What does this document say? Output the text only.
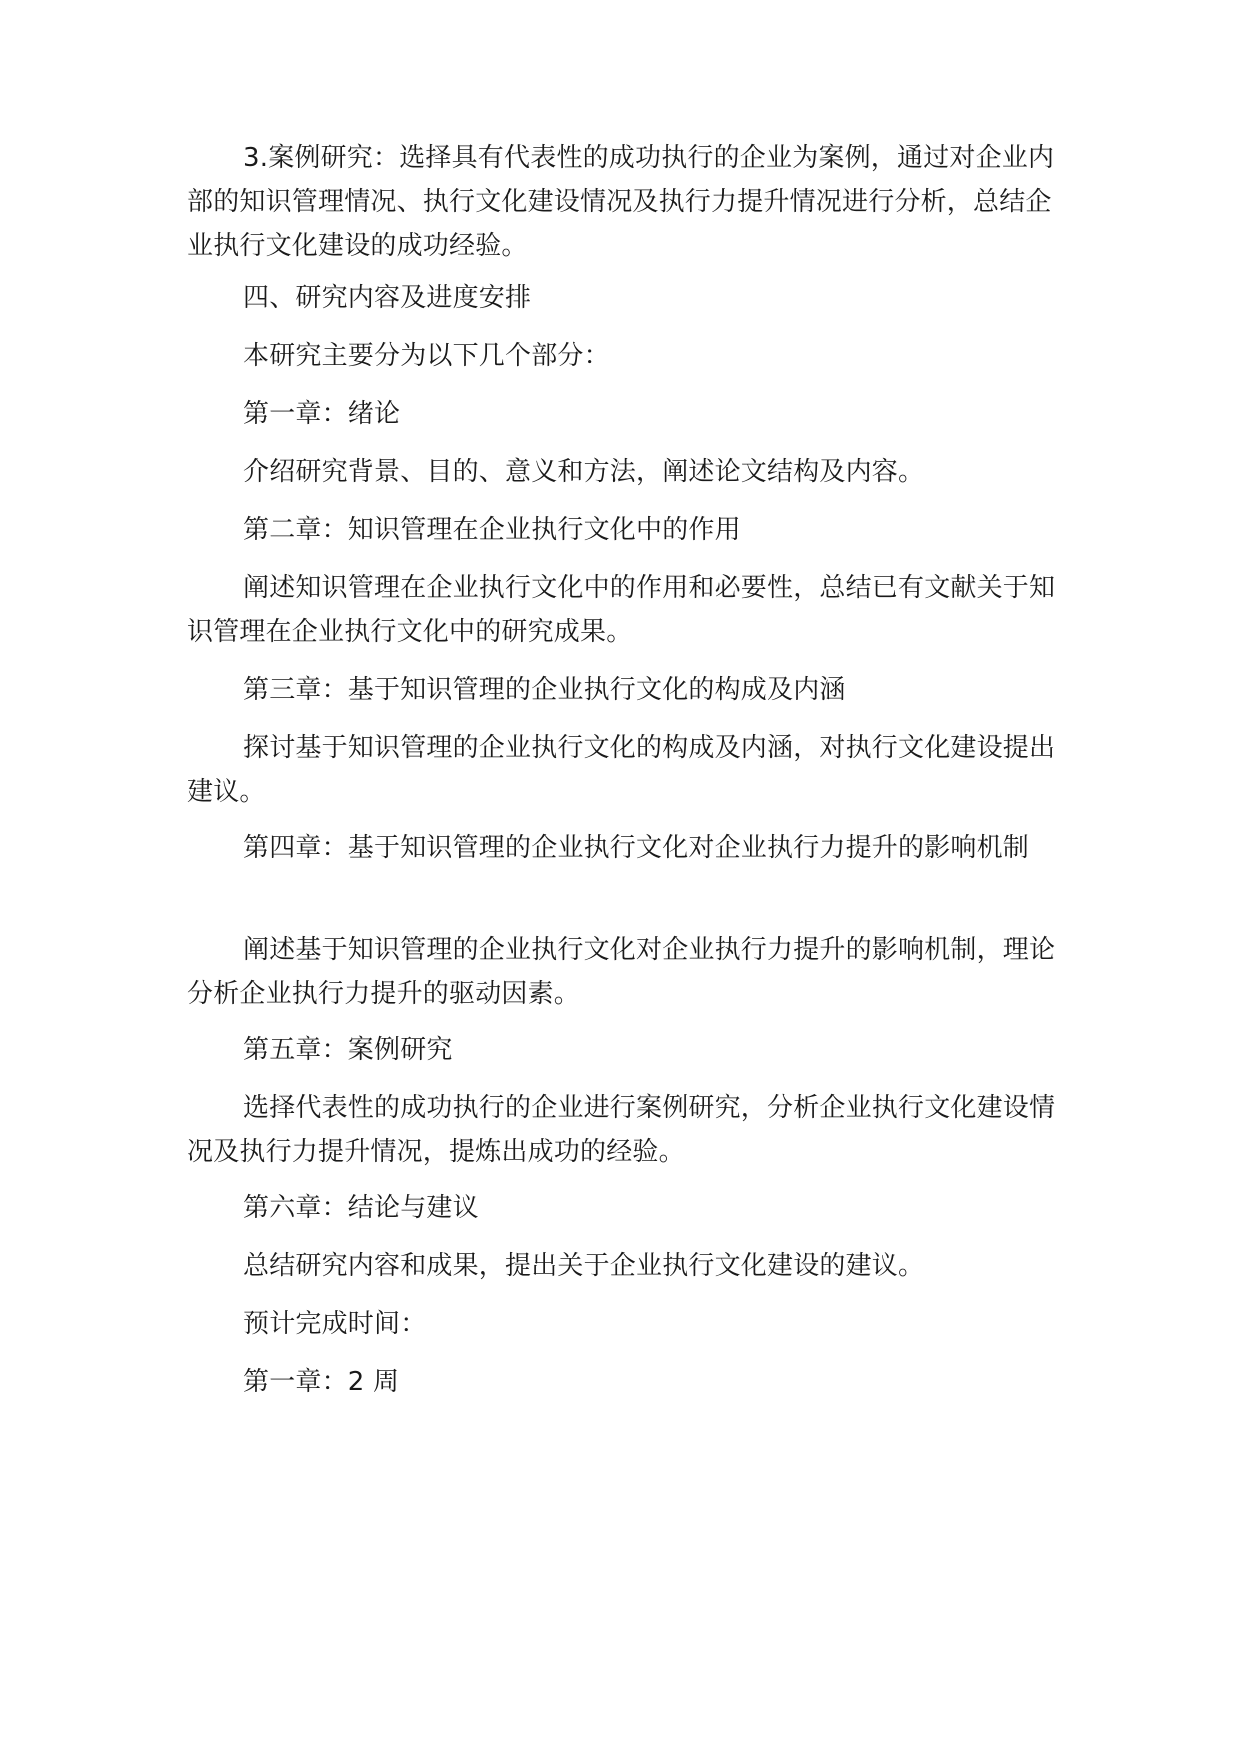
3.案例研究：选择具有代表性的成功执行的企业为案例，通过对企业内部的知识管理情况、执行文化建设情况及执行力提升情况进行分析，总结企业执行文化建设的成功经验。

四、研究内容及进度安排

本研究主要分为以下几个部分：

第一章：绪论

介绍研究背景、目的、意义和方法，阐述论文结构及内容。

第二章：知识管理在企业执行文化中的作用

阐述知识管理在企业执行文化中的作用和必要性，总结已有文献关于知识管理在企业执行文化中的研究成果。

第三章：基于知识管理的企业执行文化的构成及内涵

探讨基于知识管理的企业执行文化的构成及内涵，对执行文化建设提出建议。

第四章：基于知识管理的企业执行文化对企业执行力提升的影响机制

阐述基于知识管理的企业执行文化对企业执行力提升的影响机制，理论分析企业执行力提升的驱动因素。

第五章：案例研究

选择代表性的成功执行的企业进行案例研究，分析企业执行文化建设情况及执行力提升情况，提炼出成功的经验。

第六章：结论与建议

总结研究内容和成果，提出关于企业执行文化建设的建议。

预计完成时间：

第一章：2 周
